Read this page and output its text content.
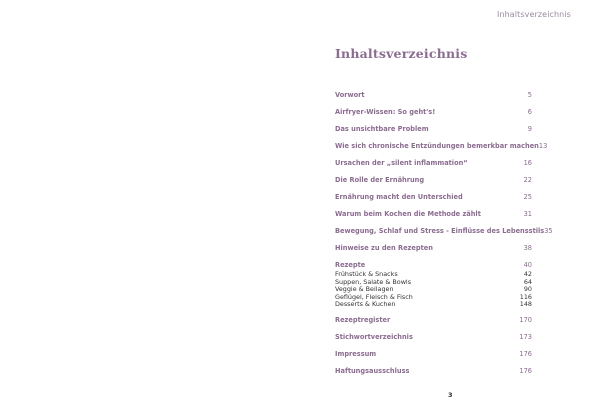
Inhaltsverzeichnis
Inhaltsverzeichnis
Vorwort	5
Airfryer-Wissen: So geht's!	6
Das unsichtbare Problem	9
Wie sich chronische Entzündungen bemerkbar machen 13
Ursachen der „silent inflammation“	16
Die Rolle der Ernährung	22
Ernährung macht den Unterschied	25
Warum beim Kochen die Methode zählt	31
Bewegung, Schlaf und Stress - Einflüsse des Lebensstils 35
Hinweise zu den Rezepten	38
Rezepte	40
Frühstück & Snacks	42
Suppen, Salate & Bowls	64
Veggie & Beilagen	90
Geflügel, Fleisch & Fisch	116
Desserts & Kuchen	148
Rezeptregister	170
Stichwortverzeichnis	173
Impressum	176
Haftungsausschluss	176
3
